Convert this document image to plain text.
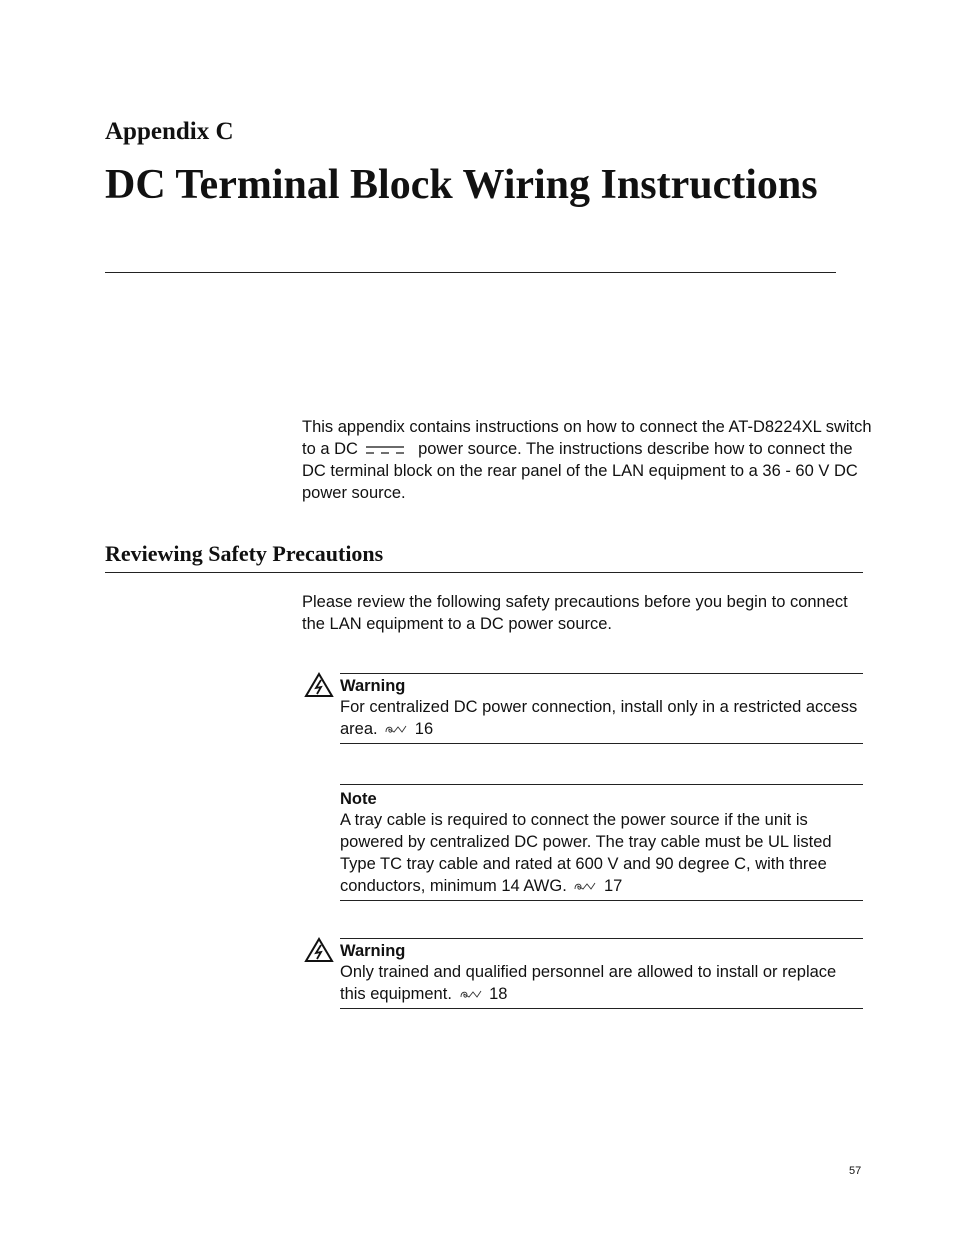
Appendix C
DC Terminal Block Wiring Instructions
This appendix contains instructions on how to connect the AT-D8224XL switch to a DC	power source. The instructions describe how to connect the DC terminal block on the rear panel of the LAN equipment to a 36 - 60 V DC power source.
Reviewing Safety Precautions
Please review the following safety precautions before you begin to connect the LAN equipment to a DC power source.
Warning
For centralized DC power connection, install only in a restricted access area. 16
Note
A tray cable is required to connect the power source if the unit is powered by centralized DC power. The tray cable must be UL listed Type TC tray cable and rated at 600 V and 90 degree C, with three conductors, minimum 14 AWG. 17
Warning
Only trained and qualified personnel are allowed to install or replace this equipment. 18
57
